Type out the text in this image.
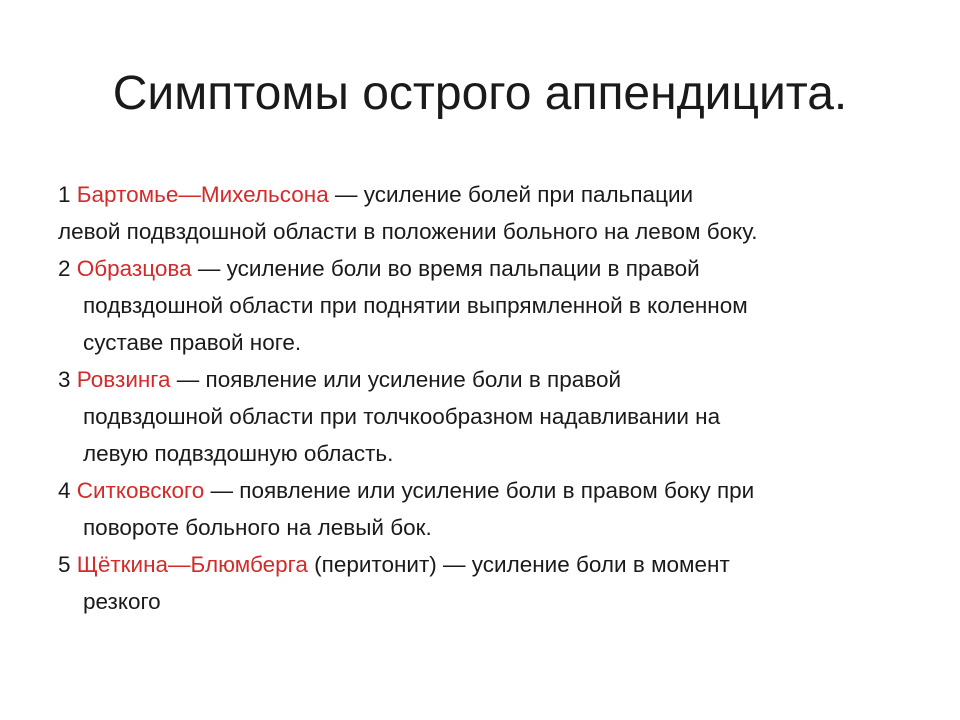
Симптомы острого аппендицита.
1 Бартомье—Михельсона — усиление болей при пальпации
левой подвздошной области в положении больного на левом боку.
2 Образцова — усиление боли во время пальпации в правой
подвздошной области при поднятии выпрямленной в коленном
суставе правой ноге.
3 Ровзинга — появление или усиление боли в правой
подвздошной области при толчкообразном надавливании на
левую подвздошную область.
4 Ситковского — появление или усиление боли в правом боку при
повороте больного на левый бок.
5 Щёткина—Блюмберга (перитонит) — усиление боли в момент
резкого
